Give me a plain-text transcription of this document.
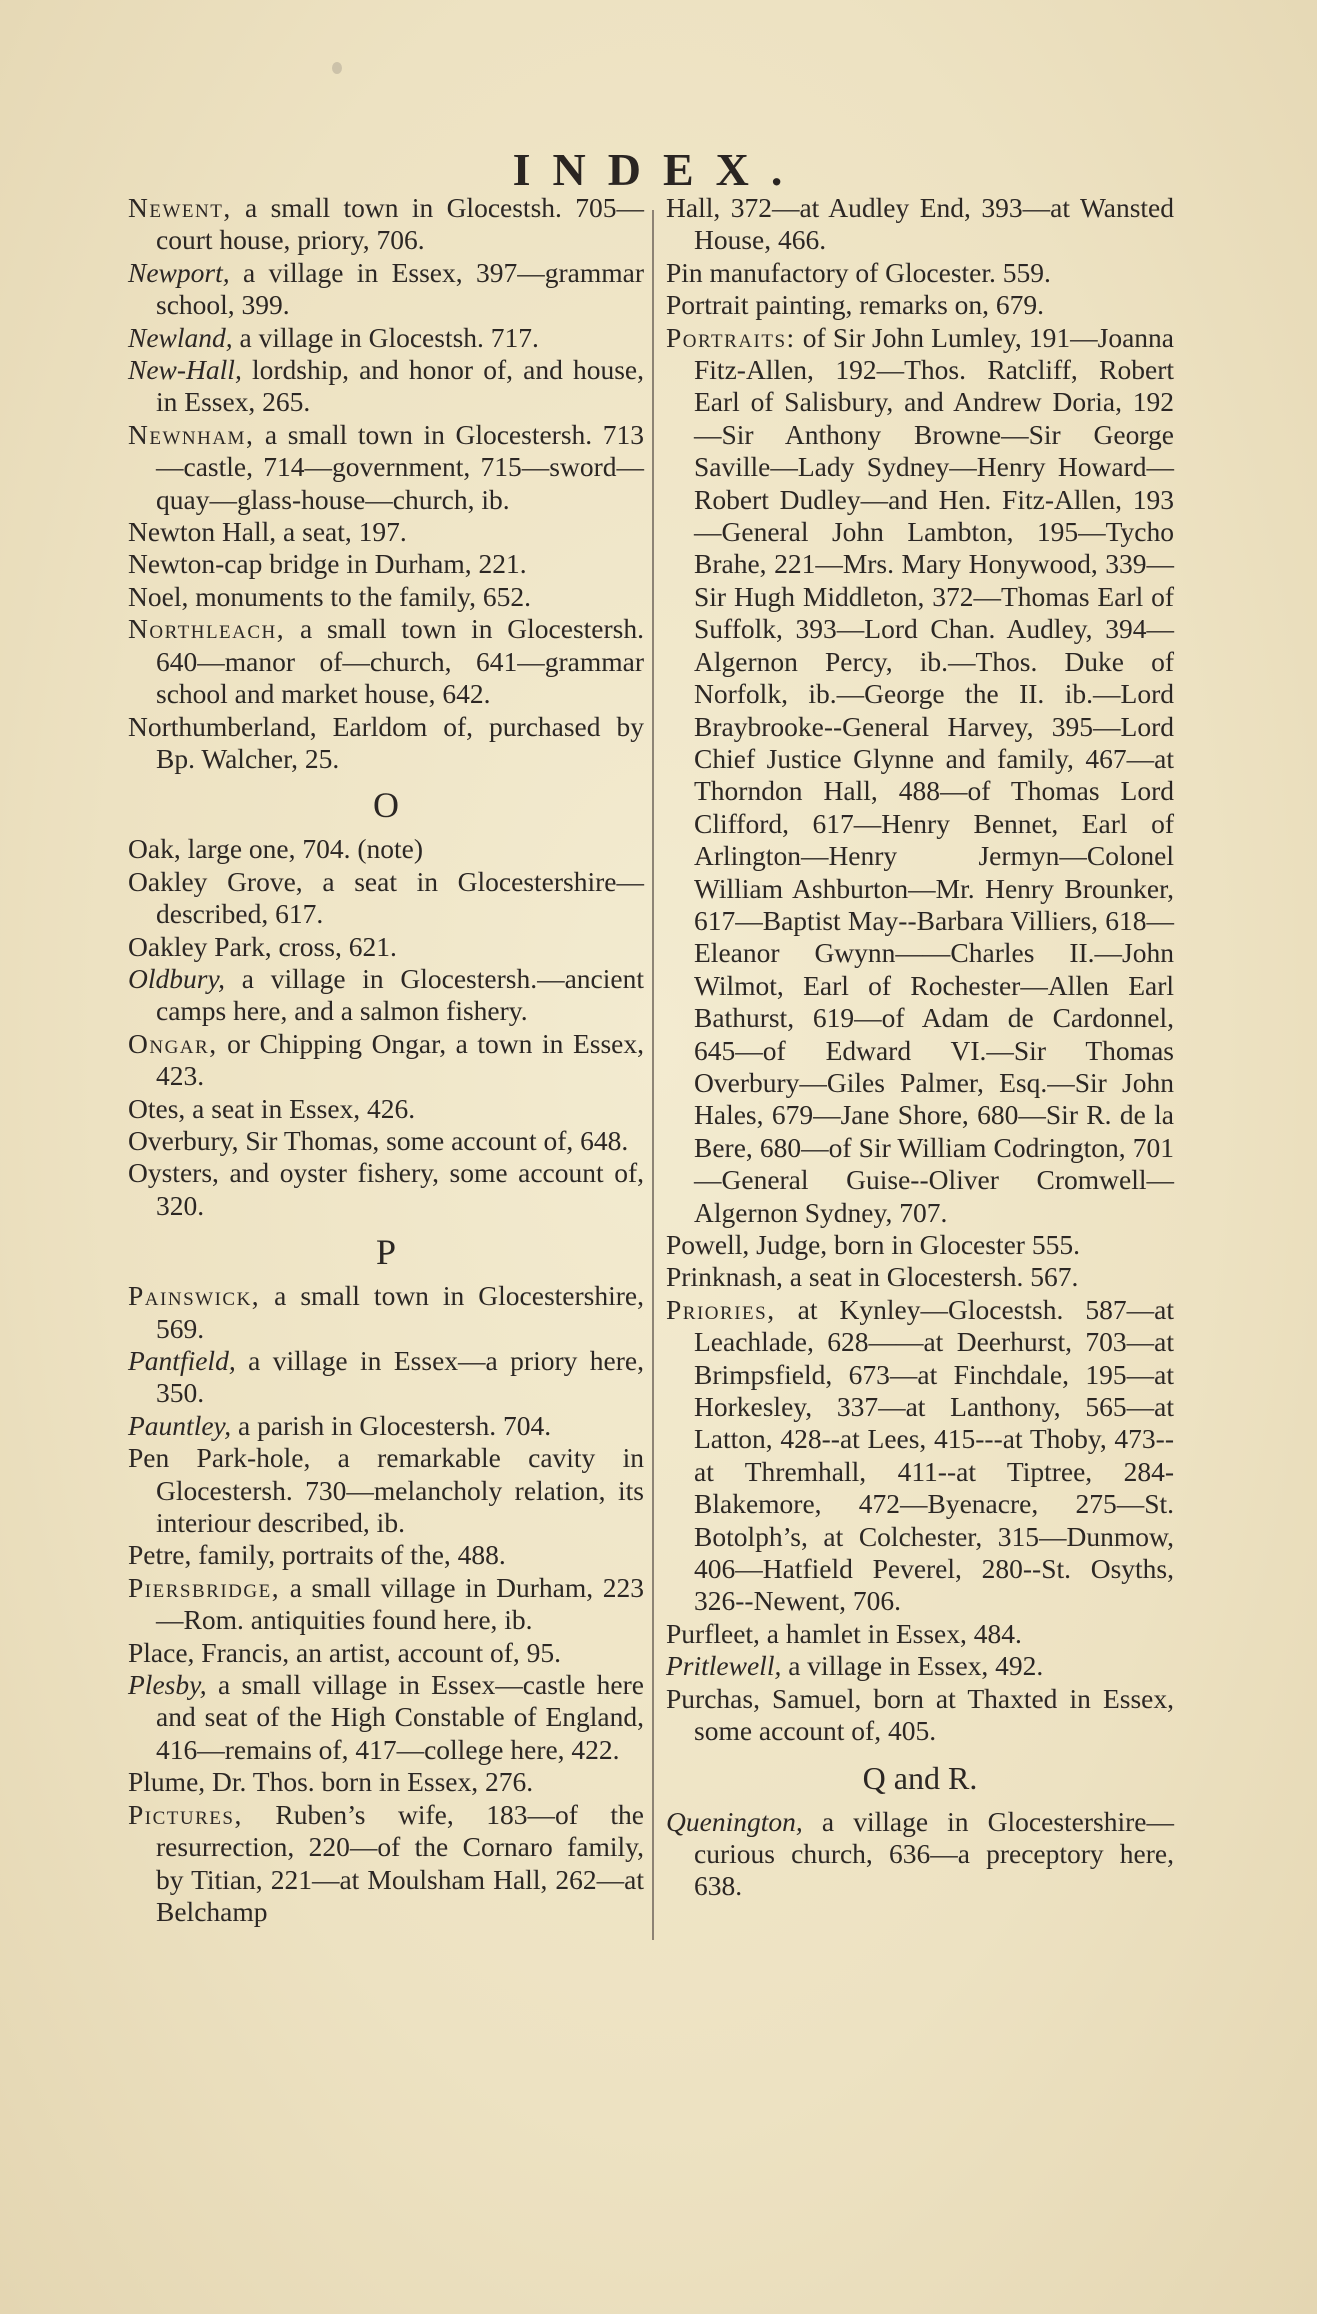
INDEX.

Newent, a small town in Glocestsh. 705—court house, priory, 706.

Newport, a village in Essex, 397—grammar school, 399.

Newland, a village in Glocestsh. 717.

New-Hall, lordship, and honor of, and house, in Essex, 265.

Newnham, a small town in Glocestersh. 713—castle, 714—government, 715—sword—quay—glass-house—church, ib.

Newton Hall, a seat, 197.

Newton-cap bridge in Durham, 221.

Noel, monuments to the family, 652.

Northleach, a small town in Glocestersh. 640—manor of—church, 641—grammar school and market house, 642.

Northumberland, Earldom of, purchased by Bp. Walcher, 25.

O

Oak, large one, 704. (note)

Oakley Grove, a seat in Glocestershire—described, 617.

Oakley Park, cross, 621.

Oldbury, a village in Glocestersh.—ancient camps here, and a salmon fishery.

Ongar, or Chipping Ongar, a town in Essex, 423.

Otes, a seat in Essex, 426.

Overbury, Sir Thomas, some account of, 648.

Oysters, and oyster fishery, some account of, 320.

P

Painswick, a small town in Glocestershire, 569.

Pantfield, a village in Essex—a priory here, 350.

Pauntley, a parish in Glocestersh. 704.

Pen Park-hole, a remarkable cavity in Glocestersh. 730—melancholy relation, its interiour described, ib.

Petre, family, portraits of the, 488.

Piersbridge, a small village in Durham, 223—Rom. antiquities found here, ib.

Place, Francis, an artist, account of, 95.

Plesby, a small village in Essex—castle here and seat of the High Constable of England, 416—remains of, 417—college here, 422.

Plume, Dr. Thos. born in Essex, 276.

Pictures, Ruben’s wife, 183—of the resurrection, 220—of the Cornaro family, by Titian, 221—at Moulsham Hall, 262—at Belchamp

Hall, 372—at Audley End, 393—at Wansted House, 466.

Pin manufactory of Glocester. 559.

Portrait painting, remarks on, 679.

Portraits: of Sir John Lumley, 191—Joanna Fitz-Allen, 192—Thos. Ratcliff, Robert Earl of Salisbury, and Andrew Doria, 192—Sir Anthony Browne—Sir George Saville—Lady Sydney—Henry Howard—Robert Dudley—and Hen. Fitz-Allen, 193—General John Lambton, 195—Tycho Brahe, 221—Mrs. Mary Honywood, 339—Sir Hugh Middleton, 372—Thomas Earl of Suffolk, 393—Lord Chan. Audley, 394—Algernon Percy, ib.—Thos. Duke of Norfolk, ib.—George the II. ib.—Lord Braybrooke--General Harvey, 395—Lord Chief Justice Glynne and family, 467—at Thorndon Hall, 488—of Thomas Lord Clifford, 617—Henry Bennet, Earl of Arlington—Henry Jermyn—Colonel William Ashburton—Mr. Henry Brounker, 617—Baptist May--Barbara Villiers, 618—Eleanor Gwynn——Charles II.—John Wilmot, Earl of Rochester—Allen Earl Bathurst, 619—of Adam de Cardonnel, 645—of Edward VI.—Sir Thomas Overbury—Giles Palmer, Esq.—Sir John Hales, 679—Jane Shore, 680—Sir R. de la Bere, 680—of Sir William Codrington, 701—General Guise--Oliver Cromwell—Algernon Sydney, 707.

Powell, Judge, born in Glocester 555.

Prinknash, a seat in Glocestersh. 567.

Priories, at Kynley—Glocestsh. 587—at Leachlade, 628——at Deerhurst, 703—at Brimpsfield, 673—at Finchdale, 195—at Horkesley, 337—at Lanthony, 565—at Latton, 428--at Lees, 415---at Thoby, 473--at Thremhall, 411--at Tiptree, 284-Blakemore, 472—Byenacre, 275—St. Botolph’s, at Colchester, 315—Dunmow, 406—Hatfield Peverel, 280--St. Osyths, 326--Newent, 706.

Purfleet, a hamlet in Essex, 484.

Pritlewell, a village in Essex, 492.

Purchas, Samuel, born at Thaxted in Essex, some account of, 405.

Q and R.

Quenington, a village in Glocestershire—curious church, 636—a preceptory here, 638.
